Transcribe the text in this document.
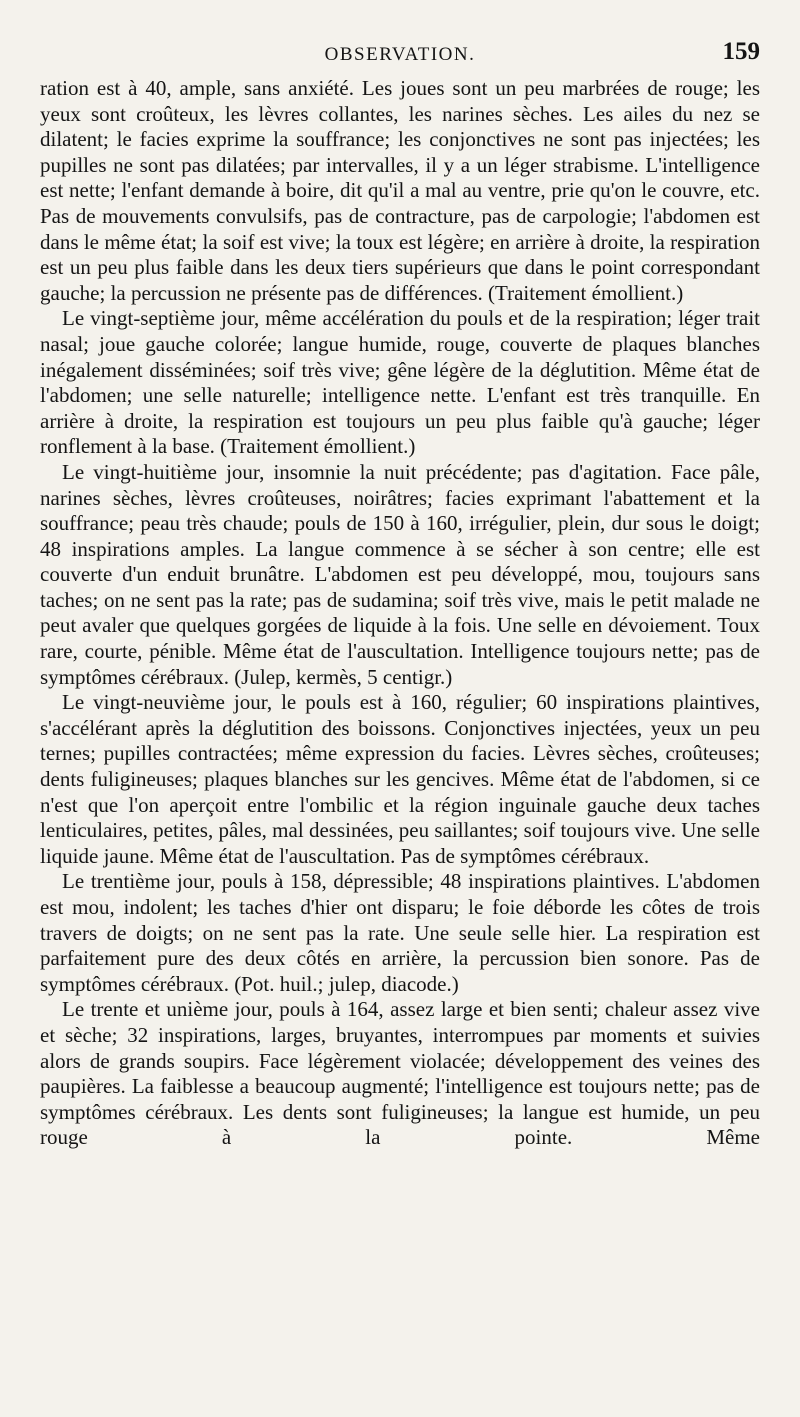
OBSERVATION.	159

ration est à 40, ample, sans anxiété. Les joues sont un peu marbrées de rouge; les yeux sont croûteux, les lèvres collantes, les narines sèches. Les ailes du nez se dilatent; le facies exprime la souffrance; les conjonctives ne sont pas injectées; les pupilles ne sont pas dilatées; par intervalles, il y a un léger strabisme. L'intelligence est nette; l'enfant demande à boire, dit qu'il a mal au ventre, prie qu'on le couvre, etc. Pas de mouvements convulsifs, pas de contracture, pas de carpologie; l'abdomen est dans le même état; la soif est vive; la toux est légère; en arrière à droite, la respiration est un peu plus faible dans les deux tiers supérieurs que dans le point correspondant gauche; la percussion ne présente pas de différences. (Traitement émollient.)

Le vingt-septième jour, même accélération du pouls et de la respiration; léger trait nasal; joue gauche colorée; langue humide, rouge, couverte de plaques blanches inégalement disséminées; soif très vive; gêne légère de la déglutition. Même état de l'abdomen; une selle naturelle; intelligence nette. L'enfant est très tranquille. En arrière à droite, la respiration est toujours un peu plus faible qu'à gauche; léger ronflement à la base. (Traitement émollient.)

Le vingt-huitième jour, insomnie la nuit précédente; pas d'agitation. Face pâle, narines sèches, lèvres croûteuses, noirâtres; facies exprimant l'abattement et la souffrance; peau très chaude; pouls de 150 à 160, irrégulier, plein, dur sous le doigt; 48 inspirations amples. La langue commence à se sécher à son centre; elle est couverte d'un enduit brunâtre. L'abdomen est peu développé, mou, toujours sans taches; on ne sent pas la rate; pas de sudamina; soif très vive, mais le petit malade ne peut avaler que quelques gorgées de liquide à la fois. Une selle en dévoiement. Toux rare, courte, pénible. Même état de l'auscultation. Intelligence toujours nette; pas de symptômes cérébraux. (Julep, kermès, 5 centigr.)

Le vingt-neuvième jour, le pouls est à 160, régulier; 60 inspirations plaintives, s'accélérant après la déglutition des boissons. Conjonctives injectées, yeux un peu ternes; pupilles contractées; même expression du facies. Lèvres sèches, croûteuses; dents fuligineuses; plaques blanches sur les gencives. Même état de l'abdomen, si ce n'est que l'on aperçoit entre l'ombilic et la région inguinale gauche deux taches lenticulaires, petites, pâles, mal dessinées, peu saillantes; soif toujours vive. Une selle liquide jaune. Même état de l'auscultation. Pas de symptômes cérébraux.

Le trentième jour, pouls à 158, dépressible; 48 inspirations plaintives. L'abdomen est mou, indolent; les taches d'hier ont disparu; le foie déborde les côtes de trois travers de doigts; on ne sent pas la rate. Une seule selle hier. La respiration est parfaitement pure des deux côtés en arrière, la percussion bien sonore. Pas de symptômes cérébraux. (Pot. huil.; julep, diacode.)

Le trente et unième jour, pouls à 164, assez large et bien senti; chaleur assez vive et sèche; 32 inspirations, larges, bruyantes, interrompues par moments et suivies alors de grands soupirs. Face légèrement violacée; développement des veines des paupières. La faiblesse a beaucoup augmenté; l'intelligence est toujours nette; pas de symptômes cérébraux. Les dents sont fuligineuses; la langue est humide, un peu rouge à la pointe. Même
